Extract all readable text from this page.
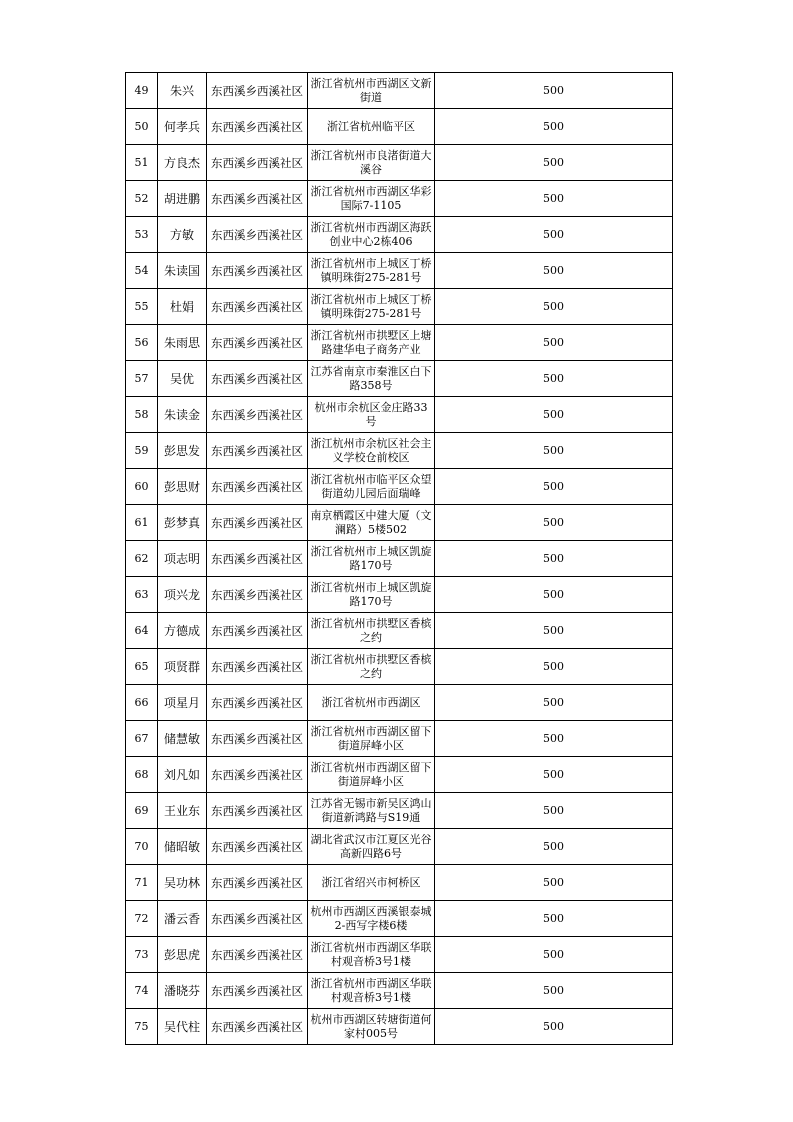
49	朱兴	东西溪乡西溪社区	浙江省杭州市西湖区文新街道	500
50	何孝兵	东西溪乡西溪社区	浙江省杭州临平区	500
51	方良杰	东西溪乡西溪社区	浙江省杭州市良渚街道大溪谷	500
52	胡进鹏	东西溪乡西溪社区	浙江省杭州市西湖区华彩国际7-1105	500
53	方敏	东西溪乡西溪社区	浙江省杭州市西湖区海跃创业中心2栋406	500
54	朱读国	东西溪乡西溪社区	浙江省杭州市上城区丁桥镇明珠街275-281号	500
55	杜娟	东西溪乡西溪社区	浙江省杭州市上城区丁桥镇明珠街275-281号	500
56	朱雨思	东西溪乡西溪社区	浙江省杭州市拱墅区上塘路建华电子商务产业	500
57	吴优	东西溪乡西溪社区	江苏省南京市秦淮区白下路358号	500
58	朱读金	东西溪乡西溪社区	杭州市余杭区金庄路33号	500
59	彭思发	东西溪乡西溪社区	浙江杭州市余杭区社会主义学校仓前校区	500
60	彭思财	东西溪乡西溪社区	浙江省杭州市临平区众望街道幼儿园后面瑞峰	500
61	彭梦真	东西溪乡西溪社区	南京栖霞区中建大厦（文澜路）5楼502	500
62	项志明	东西溪乡西溪社区	浙江省杭州市上城区凯旋路170号	500
63	项兴龙	东西溪乡西溪社区	浙江省杭州市上城区凯旋路170号	500
64	方德成	东西溪乡西溪社区	浙江省杭州市拱墅区香槟之约	500
65	项贤群	东西溪乡西溪社区	浙江省杭州市拱墅区香槟之约	500
66	项星月	东西溪乡西溪社区	浙江省杭州市西湖区	500
67	储慧敏	东西溪乡西溪社区	浙江省杭州市西湖区留下街道屏峰小区	500
68	刘凡如	东西溪乡西溪社区	浙江省杭州市西湖区留下街道屏峰小区	500
69	王业东	东西溪乡西溪社区	江苏省无锡市新吴区鸿山街道新鸿路与S19通	500
70	储昭敏	东西溪乡西溪社区	湖北省武汉市江夏区光谷高新四路6号	500
71	吴功林	东西溪乡西溪社区	浙江省绍兴市柯桥区	500
72	潘云香	东西溪乡西溪社区	杭州市西湖区西溪银泰城2-西写字楼6楼	500
73	彭思虎	东西溪乡西溪社区	浙江省杭州市西湖区华联村观音桥3号1楼	500
74	潘晓芬	东西溪乡西溪社区	浙江省杭州市西湖区华联村观音桥3号1楼	500
75	吴代柱	东西溪乡西溪社区	杭州市西湖区转塘街道何家村005号	500
